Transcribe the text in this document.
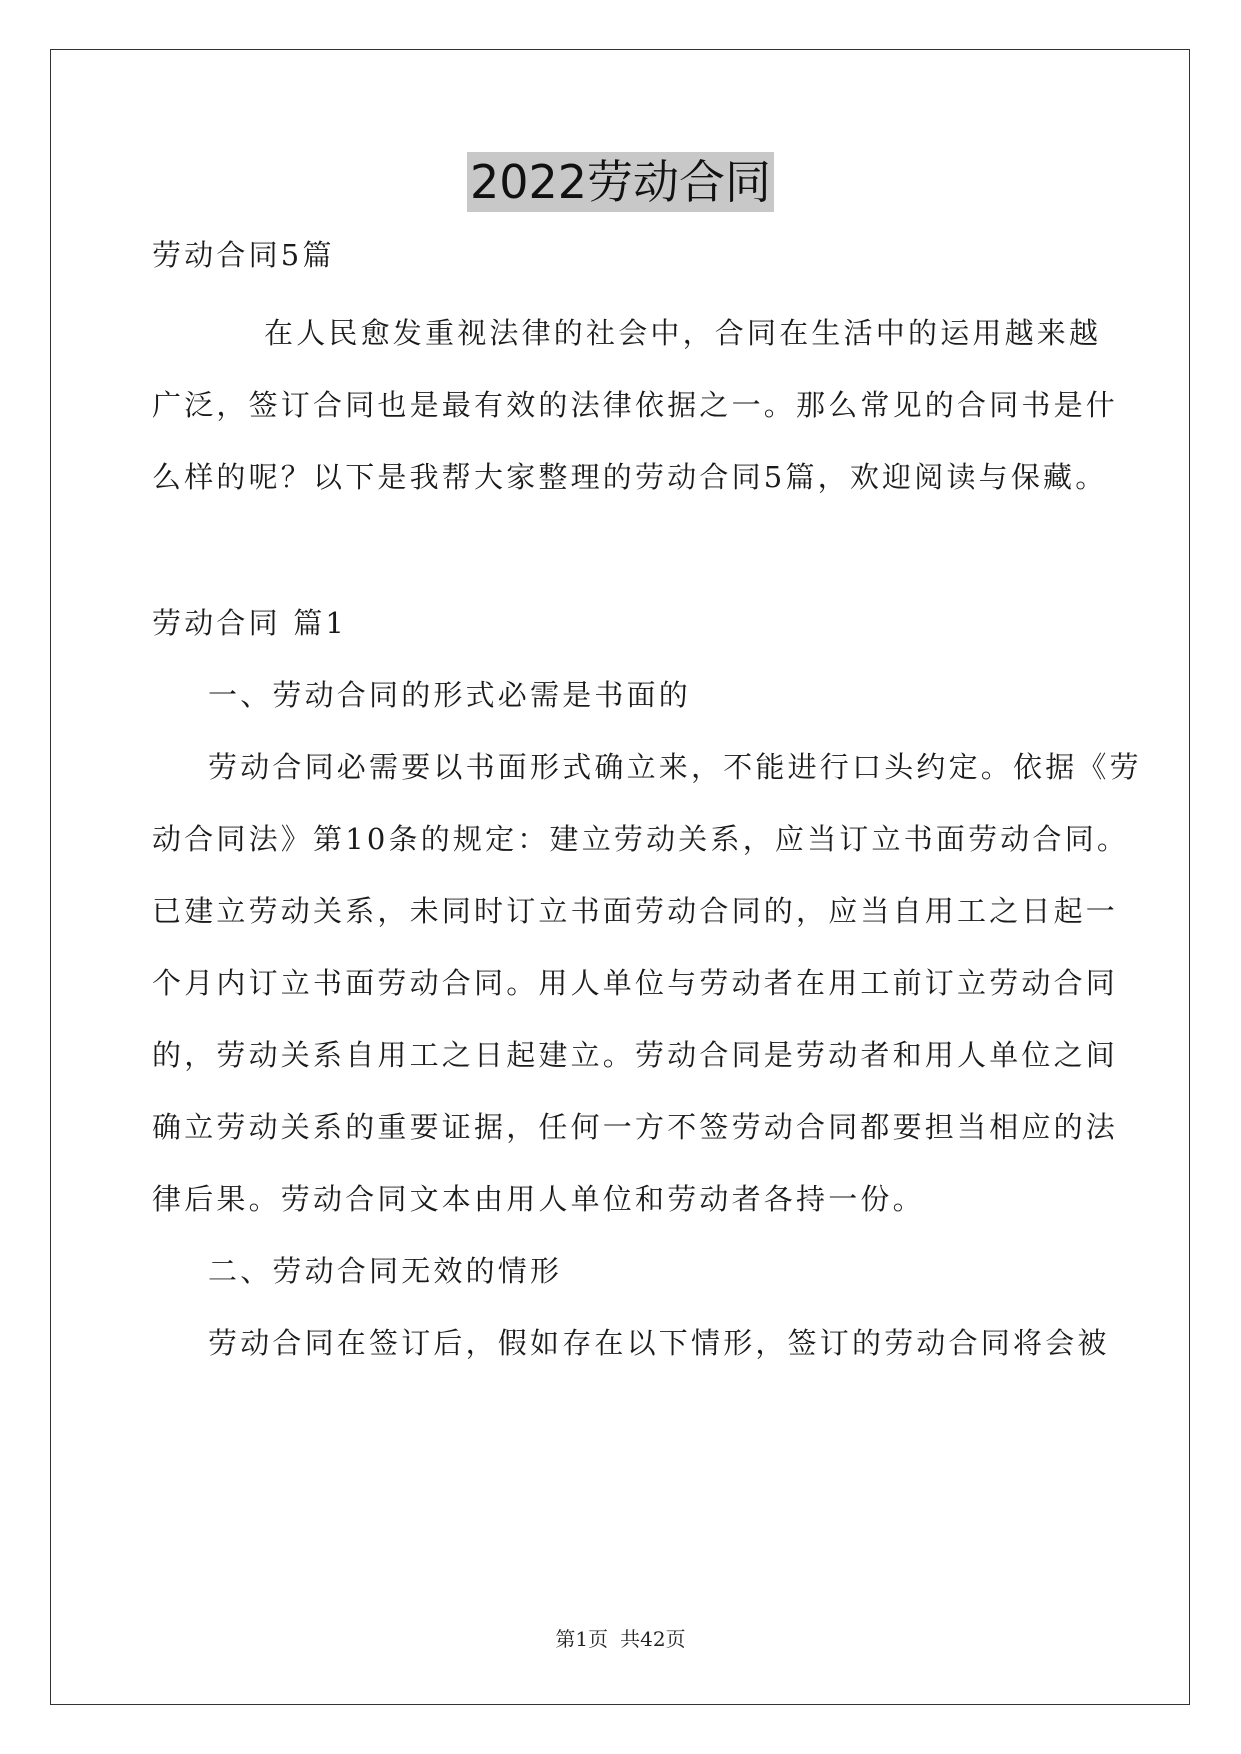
2022劳动合同
劳动合同5篇
在人民愈发重视法律的社会中，合同在生活中的运用越来越
广泛，签订合同也是最有效的法律依据之一。那么常见的合同书是什
么样的呢？以下是我帮大家整理的劳动合同5篇，欢迎阅读与保藏。
劳动合同 篇1
一、劳动合同的形式必需是书面的
劳动合同必需要以书面形式确立来，不能进行口头约定。依据《劳
动合同法》第10条的规定：建立劳动关系，应当订立书面劳动合同。
已建立劳动关系，未同时订立书面劳动合同的，应当自用工之日起一
个月内订立书面劳动合同。用人单位与劳动者在用工前订立劳动合同
的，劳动关系自用工之日起建立。劳动合同是劳动者和用人单位之间
确立劳动关系的重要证据，任何一方不签劳动合同都要担当相应的法
律后果。劳动合同文本由用人单位和劳动者各持一份。
二、劳动合同无效的情形
劳动合同在签订后，假如存在以下情形，签订的劳动合同将会被
第1页 共42页
